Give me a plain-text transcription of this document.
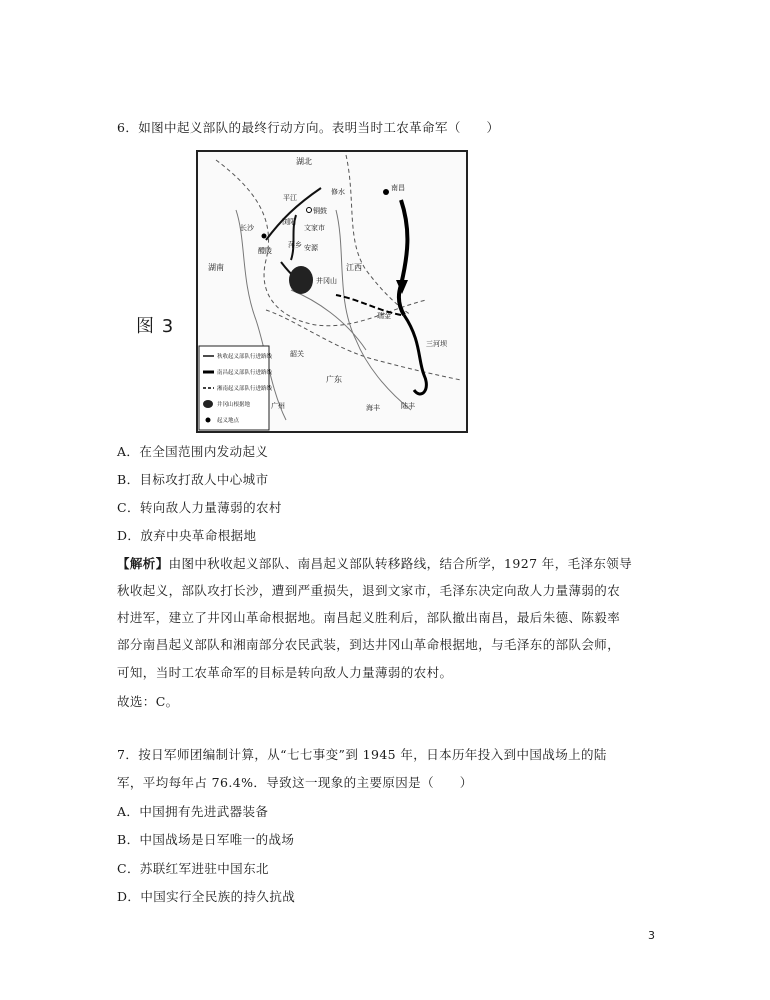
6．如图中起义部队的最终行动方向。表明当时工农革命军（　　）
图 3
平江
修水
铜鼓
南昌
长沙
浏阳
文家市
醴陵
萍乡 安源
井冈山
瑞金
三河坝
韶关
广州	海丰	陆丰
湖南	江西
广东
湖北
秋收起义部队行进路线
南昌起义部队行进路线
湘南起义部队行进路线
井冈山根据地
起义地点
A．在全国范围内发动起义
B．目标攻打敌人中心城市
C．转向敌人力量薄弱的农村
D．放弃中央革命根据地
【解析】由图中秋收起义部队、南昌起义部队转移路线，结合所学，1927 年，毛泽东领导
秋收起义，部队攻打长沙，遭到严重损失，退到文家市，毛泽东决定向敌人力量薄弱的农
村进军，建立了井冈山革命根据地。南昌起义胜利后，部队撤出南昌，最后朱德、陈毅率
部分南昌起义部队和湘南部分农民武装，到达井冈山革命根据地，与毛泽东的部队会师，
可知，当时工农革命军的目标是转向敌人力量薄弱的农村。
故选：C。
7．按日军师团编制计算，从“七七事变”到 1945 年，日本历年投入到中国战场上的陆
军，平均每年占 76.4%．导致这一现象的主要原因是（　　）
A．中国拥有先进武器装备
B．中国战场是日军唯一的战场
C．苏联红军进驻中国东北
D．中国实行全民族的持久抗战
3
